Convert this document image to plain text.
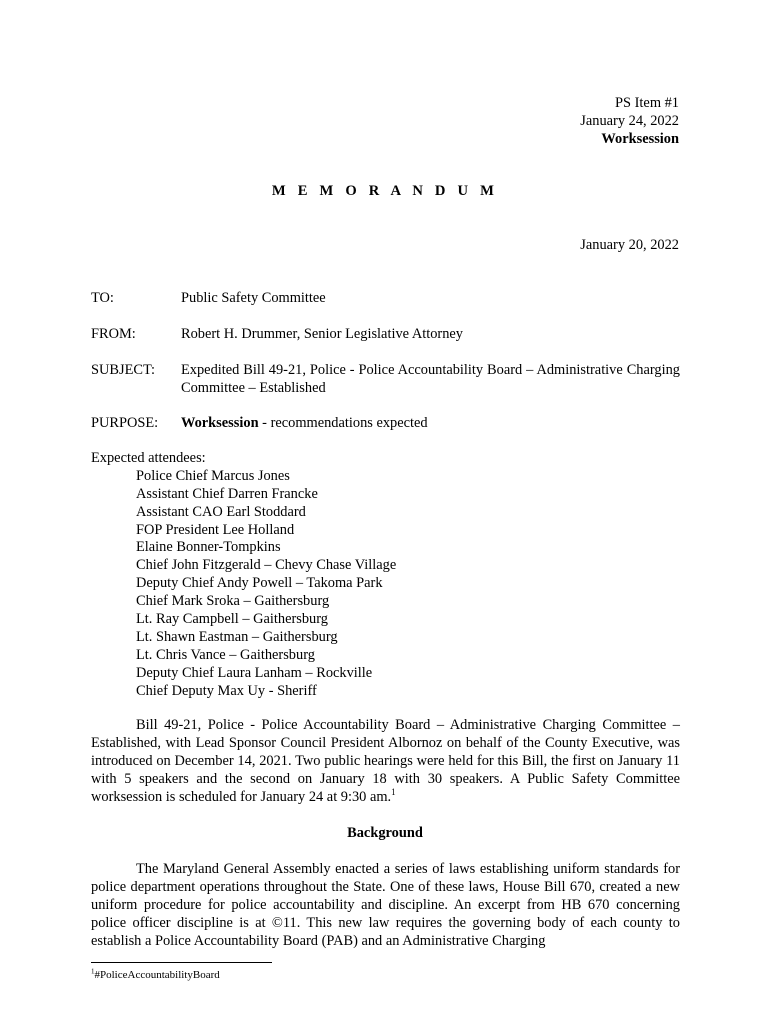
PS Item #1
January 24, 2022
Worksession
M E M O R A N D U M
January 20, 2022
TO:	Public Safety Committee
FROM:	Robert H. Drummer, Senior Legislative Attorney
SUBJECT: Expedited Bill 49-21, Police - Police Accountability Board – Administrative Charging Committee – Established
PURPOSE: Worksession - recommendations expected
Expected attendees:
Police Chief Marcus Jones
Assistant Chief Darren Francke
Assistant CAO Earl Stoddard
FOP President Lee Holland
Elaine Bonner-Tompkins
Chief John Fitzgerald – Chevy Chase Village
Deputy Chief Andy Powell – Takoma Park
Chief Mark Sroka – Gaithersburg
Lt. Ray Campbell – Gaithersburg
Lt. Shawn Eastman – Gaithersburg
Lt. Chris Vance – Gaithersburg
Deputy Chief Laura Lanham – Rockville
Chief Deputy Max Uy - Sheriff
Bill 49-21, Police - Police Accountability Board – Administrative Charging Committee – Established, with Lead Sponsor Council President Albornoz on behalf of the County Executive, was introduced on December 14, 2021. Two public hearings were held for this Bill, the first on January 11 with 5 speakers and the second on January 18 with 30 speakers. A Public Safety Committee worksession is scheduled for January 24 at 9:30 am.$^1$
Background
The Maryland General Assembly enacted a series of laws establishing uniform standards for police department operations throughout the State. One of these laws, House Bill 670, created a new uniform procedure for police accountability and discipline. An excerpt from HB 670 concerning police officer discipline is at ©11. This new law requires the governing body of each county to establish a Police Accountability Board (PAB) and an Administrative Charging
$^1$#PoliceAccountabilityBoard
